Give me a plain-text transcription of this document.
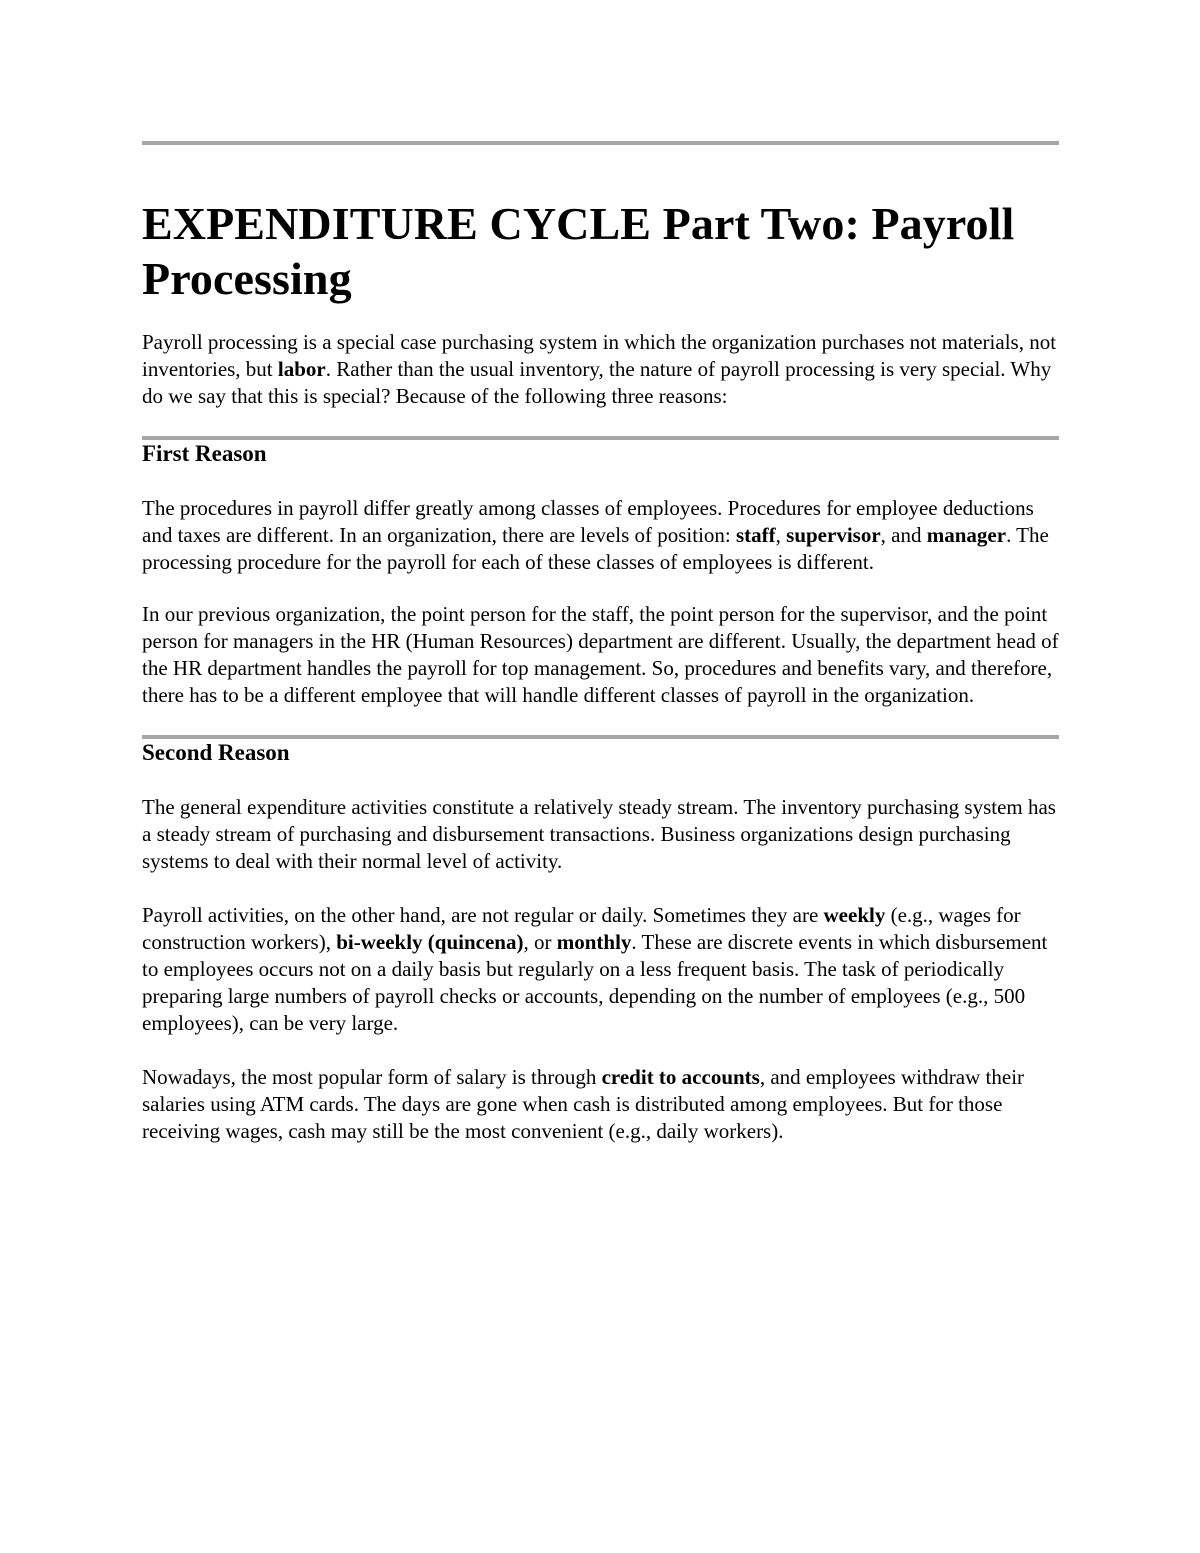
EXPENDITURE CYCLE Part Two: Payroll Processing

Payroll processing is a special case purchasing system in which the organization purchases not materials, not inventories, but labor. Rather than the usual inventory, the nature of payroll processing is very special. Why do we say that this is special? Because of the following three reasons:

First Reason

The procedures in payroll differ greatly among classes of employees. Procedures for employee deductions and taxes are different. In an organization, there are levels of position: staff, supervisor, and manager. The processing procedure for the payroll for each of these classes of employees is different.

In our previous organization, the point person for the staff, the point person for the supervisor, and the point person for managers in the HR (Human Resources) department are different. Usually, the department head of the HR department handles the payroll for top management. So, procedures and benefits vary, and therefore, there has to be a different employee that will handle different classes of payroll in the organization.

Second Reason

The general expenditure activities constitute a relatively steady stream. The inventory purchasing system has a steady stream of purchasing and disbursement transactions. Business organizations design purchasing systems to deal with their normal level of activity.

Payroll activities, on the other hand, are not regular or daily. Sometimes they are weekly (e.g., wages for construction workers), bi-weekly (quincena), or monthly. These are discrete events in which disbursement to employees occurs not on a daily basis but regularly on a less frequent basis. The task of periodically preparing large numbers of payroll checks or accounts, depending on the number of employees (e.g., 500 employees), can be very large.

Nowadays, the most popular form of salary is through credit to accounts, and employees withdraw their salaries using ATM cards. The days are gone when cash is distributed among employees. But for those receiving wages, cash may still be the most convenient (e.g., daily workers).
